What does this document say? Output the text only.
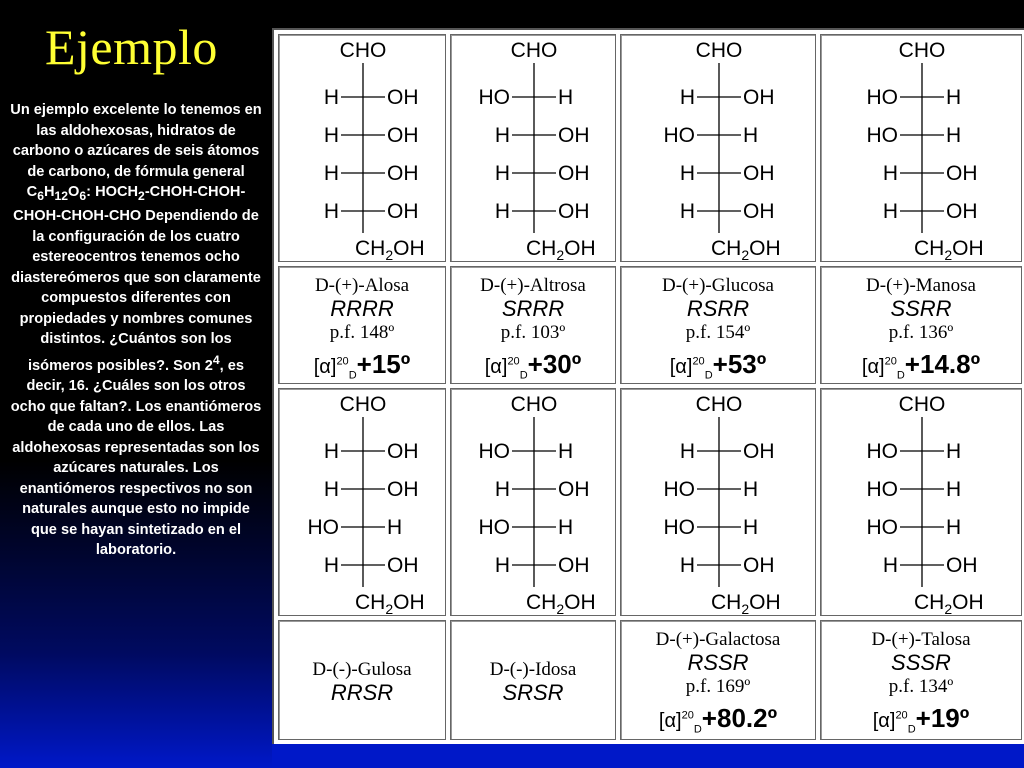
Ejemplo
Un ejemplo excelente lo tenemos en las aldohexosas, hidratos de carbono o azúcares de seis átomos de carbono, de fórmula general $C_6H_{12}O_6$: $HOCH_2-CHOH-CHOH-CHOH-CHOH$-CHO Dependiendo de la configuración de los cuatro estereocentros tenemos ocho diastereómeros que son claramente compuestos diferentes con propiedades y nombres comunes distintos. ¿Cuántos son los isómeros posibles?. Son $2^4$, es decir, 16. ¿Cuáles son los otros ocho que faltan?. Los enantiómeros de cada uno de ellos. Las aldohexosas representadas son los azúcares naturales. Los enantiómeros respectivos no son naturales aunque esto no impide que se hayan sintetizado en el laboratorio.
CHO
H OH
H OH
H OH
H OH
$CH_2OH$
D-(+)-Alosa
RRRR
p.f. 148º
$[\alpha]^{20}_D+15º$
CHO
HO H
H OH
H OH
H OH
$CH_2OH$
D-(+)-Altrosa
SRRR
p.f. 103º
$[\alpha]^{20}_D+30º$
CHO
H OH
HO H
H OH
H OH
$CH_2OH$
D-(+)-Glucosa
RSRR
p.f. 154º
$[\alpha]^{20}_D+53º$
CHO
HO H
HO H
H OH
H OH
$CH_2OH$
D-(+)-Manosa
SSRR
p.f. 136º
$[\alpha]^{20}_D+14.8º$
CHO
H OH
H OH
HO H
H OH
$CH_2OH$
D-(-)-Gulosa
RRSR
CHO
HO H
H OH
HO H
H OH
$CH_2OH$
D-(-)-Idosa
SRSR
CHO
H OH
HO H
HO H
H OH
$CH_2OH$
D-(+)-Galactosa
RSSR
p.f. 169º
$[\alpha]^{20}_D+80.2º$
CHO
HO H
HO H
HO H
H OH
$CH_2OH$
D-(+)-Talosa
SSSR
p.f. 134º
$[\alpha]^{20}_D+19º$
